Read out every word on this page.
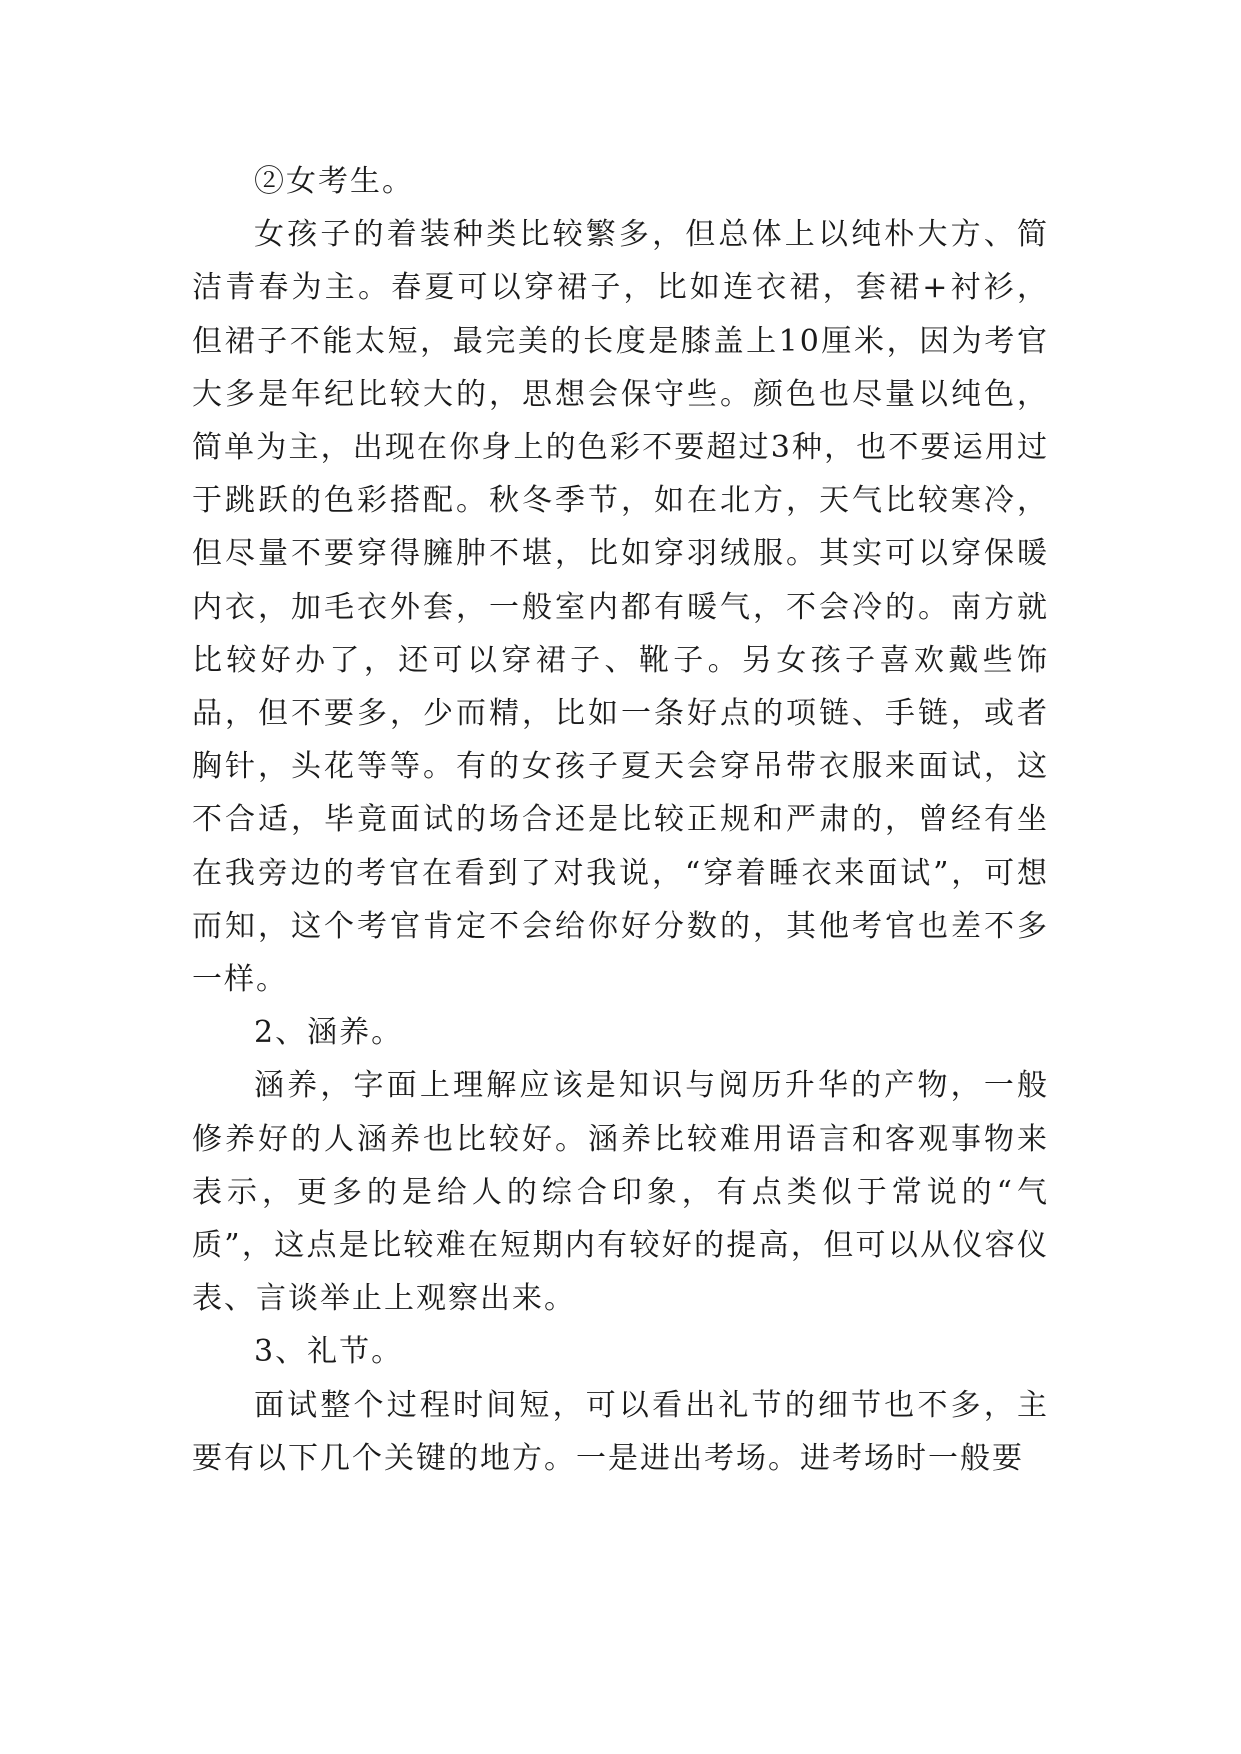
②女考生。

女孩子的着装种类比较繁多，但总体上以纯朴大方、简洁青春为主。春夏可以穿裙子，比如连衣裙，套裙+衬衫，但裙子不能太短，最完美的长度是膝盖上10厘米，因为考官大多是年纪比较大的，思想会保守些。颜色也尽量以纯色，简单为主，出现在你身上的色彩不要超过3种，也不要运用过于跳跃的色彩搭配。秋冬季节，如在北方，天气比较寒冷，但尽量不要穿得臃肿不堪，比如穿羽绒服。其实可以穿保暖内衣，加毛衣外套，一般室内都有暖气，不会冷的。南方就比较好办了，还可以穿裙子、靴子。另女孩子喜欢戴些饰品，但不要多，少而精，比如一条好点的项链、手链，或者胸针，头花等等。有的女孩子夏天会穿吊带衣服来面试，这不合适，毕竟面试的场合还是比较正规和严肃的，曾经有坐在我旁边的考官在看到了对我说，“穿着睡衣来面试”，可想而知，这个考官肯定不会给你好分数的，其他考官也差不多一样。

2、涵养。

涵养，字面上理解应该是知识与阅历升华的产物，一般修养好的人涵养也比较好。涵养比较难用语言和客观事物来表示，更多的是给人的综合印象，有点类似于常说的“气质”，这点是比较难在短期内有较好的提高，但可以从仪容仪表、言谈举止上观察出来。

3、礼节。

面试整个过程时间短，可以看出礼节的细节也不多，主要有以下几个关键的地方。一是进出考场。进考场时一般要
